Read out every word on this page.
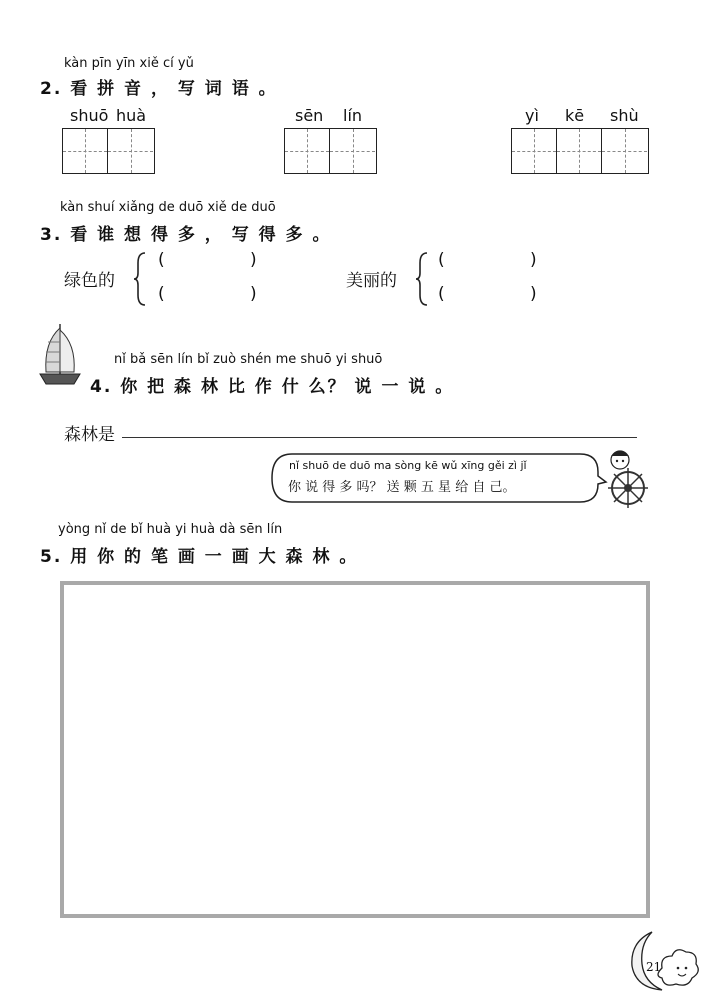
kàn pīn yīn xiě cí yǔ
2. 看 拼 音 ， 写 词 语 。
shuō huà	sēn lín	yì kē shù
kàn shuí xiǎng de duō xiě de duō
3. 看 谁 想 得 多 ， 写 得 多 。
绿色的
(	)
(	)
美丽的
(	)
(	)
nǐ bǎ sēn lín bǐ zuò shén me shuō yi shuō
4. 你 把 森 林 比 作 什 么？ 说 一 说 。
森林是
nǐ shuō de duō ma sòng kē wǔ xīng gěi zì jǐ
你 说 得 多 吗？ 送 颗 五 星 给 自 己。
yòng nǐ de bǐ huà yi huà dà sēn lín
5. 用 你 的 笔 画 一 画 大 森 林 。
21
